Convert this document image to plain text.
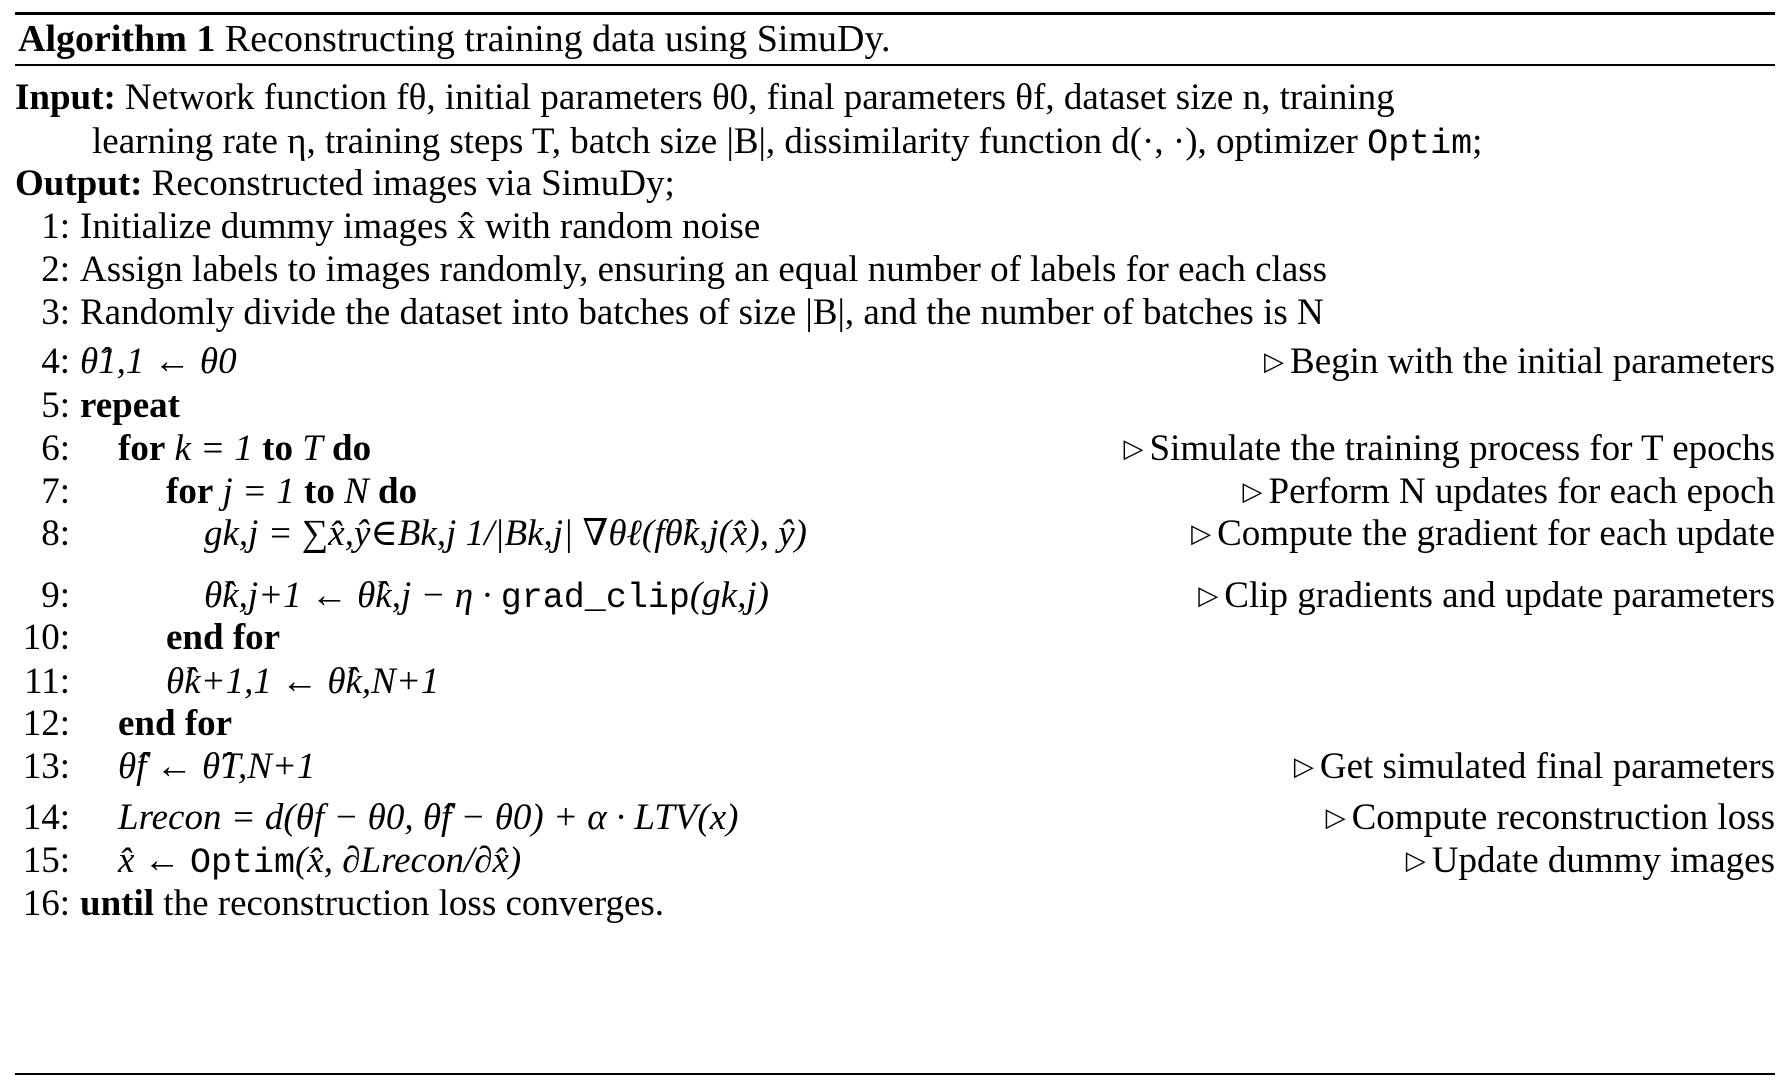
Algorithm 1 Reconstructing training data using SimuDy.
Input: Network function fθ, initial parameters θ0, final parameters θf, dataset size n, training
learning rate η, training steps T, batch size |B|, dissimilarity function d(·, ·), optimizer Optim;
Output: Reconstructed images via SimuDy;
1: Initialize dummy images x̂ with random noise
2: Assign labels to images randomly, ensuring an equal number of labels for each class
3: Randomly divide the dataset into batches of size |B|, and the number of batches is N
4: θ̂1,1 ← θ0	▷ Begin with the initial parameters
5: repeat
6: for k = 1 to T do	▷ Simulate the training process for T epochs
7:	for j = 1 to N do	▷ Perform N updates for each epoch
8:	gk,j = ∑x̂,ŷ∈Bk,j 1/|Bk,j| ∇θℓ(fθ̂k,j(x̂), ŷ)	▷ Compute the gradient for each update
9:	θ̂k,j+1 ← θ̂k,j − η · grad_clip(gk,j)	▷ Clip gradients and update parameters
10:	end for
11:	θ̂k+1,1 ← θ̂k,N+1
12: end for
13: θ̂f ← θ̂T,N+1	▷ Get simulated final parameters
14: Lrecon = d(θf − θ0, θ̂f − θ0) + α · LTV(x)	▷ Compute reconstruction loss
15: x̂ ← Optim(x̂, ∂Lrecon/∂x̂)	▷ Update dummy images
16: until the reconstruction loss converges.
